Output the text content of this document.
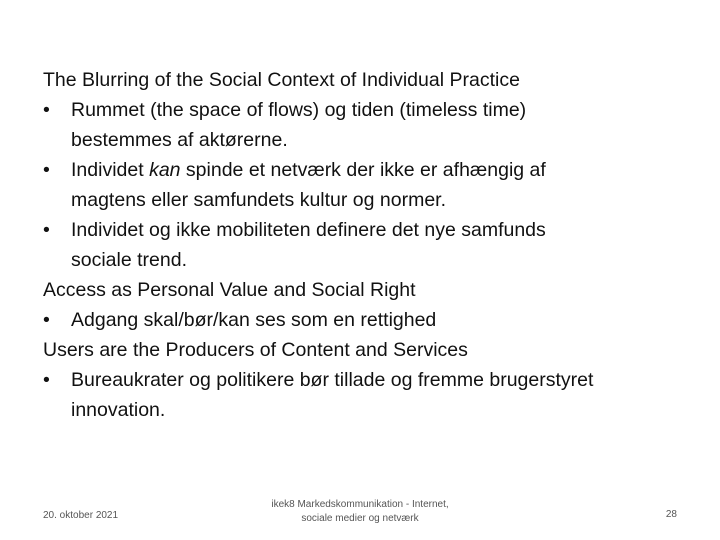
The Blurring of the Social Context of Individual Practice

• Rummet (the space of flows) og tiden (timeless time)
bestemmes af aktørerne.
• Individet kan spinde et netværk der ikke er afhængig af
magtens eller samfundets kultur og normer.
• Individet og ikke mobiliteten definere det nye samfunds
sociale trend.

Access as Personal Value and Social Right

• Adgang skal/bør/kan ses som en rettighed

Users are the Producers of Content and Services

• Bureaukrater og politikere bør tillade og fremme brugerstyret
innovation.
20. oktober 2021
ikek8 Markedskommunikation - Internet,
sociale medier og netværk	28
